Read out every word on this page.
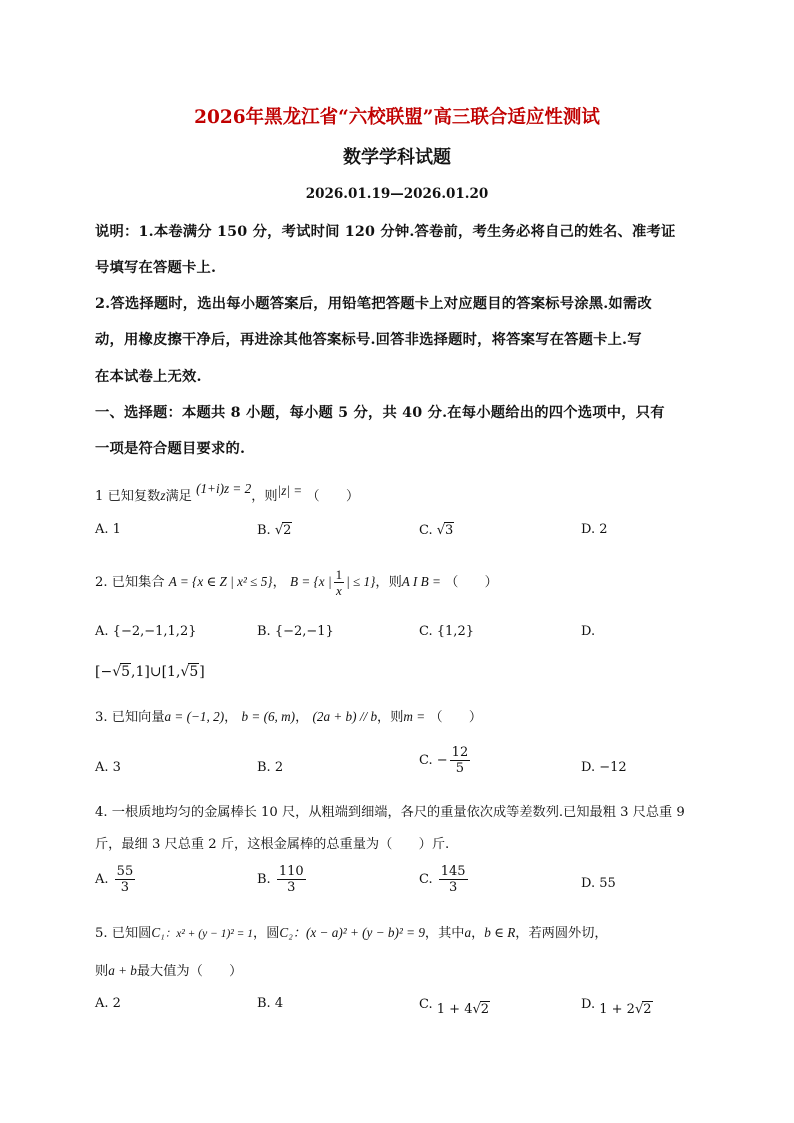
2026年黑龙江省“六校联盟”高三联合适应性测试
数学学科试题
2026.01.19—2026.01.20
说明：1.本卷满分 150 分，考试时间 120 分钟.答卷前，考生务必将自己的姓名、准考证
号填写在答题卡上.
2.答选择题时，选出每小题答案后，用铅笔把答题卡上对应题目的答案标号涂黑.如需改
动，用橡皮擦干净后，再进涂其他答案标号.回答非选择题时，将答案写在答题卡上.写
在本试卷上无效.
一、选择题：本题共 8 小题，每小题 5 分，共 40 分.在每小题给出的四个选项中，只有
一项是符合题目要求的.
1 已知复数z满足 (1+i)z = 2，则|z| = （　　）
A. 1	B. √2	C. √3	D. 2
2. 已知集合 A = {x ∈ Z | x² ≤ 5}， B = {x | $\frac{1}{x}$ | ≤ 1}，则A I B = （　　）
A. {−2,−1,1,2}	B. {−2,−1}	C. {1,2}	D.
[−√5,1]∪[1,√5]
3. 已知向量a = (−1, 2)， b = (6, m)， (2a + b) // b，则m = （　　）
A. 3	B. 2	C. − $\frac{12}{5}$	D. −12
4. 一根质地均匀的金属棒长 10 尺，从粗端到细端，各尺的重量依次成等差数列.已知最粗 3 尺总重 9
斤，最细 3 尺总重 2 斤，这根金属棒的总重量为（　　）斤.
A. $\frac{55}{3}$	B. $\frac{110}{3}$	C. $\frac{145}{3}$	D. 55
5. 已知圆C₁：x² + (y − 1)² = 1，圆C₂：(x − a)² + (y − b)² = 9，其中a，b ∈ R，若两圆外切，
则a + b最大值为（　　）
A. 2	B. 4	C. 1 + 4√2	D. 1 + 2√2
